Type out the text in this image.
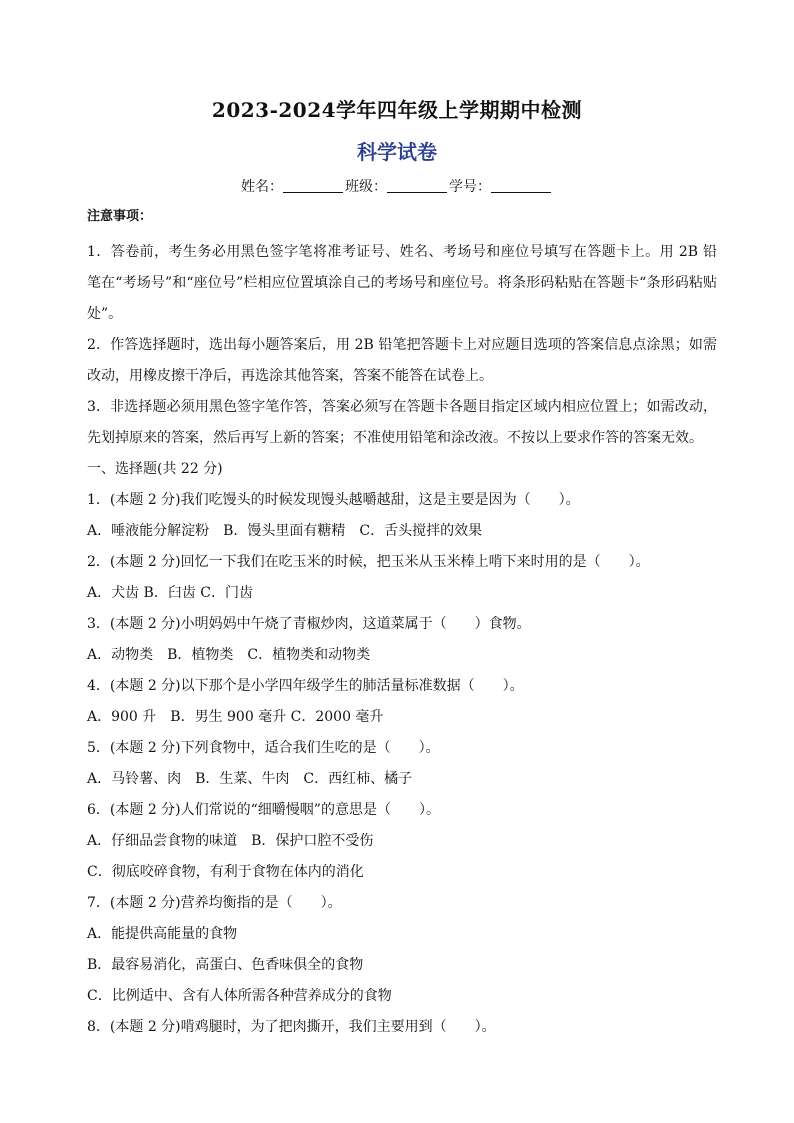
2023-2024学年四年级上学期期中检测
科学试卷
姓名：	班级：	学号：
注意事项：
1．答卷前，考生务必用黑色签字笔将准考证号、姓名、考场号和座位号填写在答题卡上。用 2B 铅
笔在“考场号”和“座位号”栏相应位置填涂自己的考场号和座位号。将条形码粘贴在答题卡“条形码粘贴
处”。
2．作答选择题时，选出每小题答案后，用 2B 铅笔把答题卡上对应题目选项的答案信息点涂黑；如需
改动，用橡皮擦干净后，再选涂其他答案，答案不能答在试卷上。
3．非选择题必须用黑色签字笔作答，答案必须写在答题卡各题目指定区域内相应位置上；如需改动，
先划掉原来的答案，然后再写上新的答案；不准使用铅笔和涂改液。不按以上要求作答的答案无效。
一、选择题(共 22 分)
1．(本题 2 分)我们吃馒头的时候发现馒头越嚼越甜，这是主要是因为（　　）。
A．唾液能分解淀粉　B．馒头里面有糖精　C．舌头搅拌的效果
2．(本题 2 分)回忆一下我们在吃玉米的时候，把玉米从玉米棒上啃下来时用的是（　　）。
A．犬齿 B．臼齿 C．门齿
3．(本题 2 分)小明妈妈中午烧了青椒炒肉，这道菜属于（　　）食物。
A．动物类　B．植物类　C．植物类和动物类
4．(本题 2 分)以下那个是小学四年级学生的肺活量标准数据（　　）。
A．900 升　B．男生 900 毫升 C．2000 毫升
5．(本题 2 分)下列食物中，适合我们生吃的是（　　）。
A．马铃薯、肉　B．生菜、牛肉　C．西红柿、橘子
6．(本题 2 分)人们常说的“细嚼慢咽”的意思是（　　）。
A．仔细品尝食物的味道　B．保护口腔不受伤
C．彻底咬碎食物，有利于食物在体内的消化
7．(本题 2 分)营养均衡指的是（　　）。
A．能提供高能量的食物
B．最容易消化，高蛋白、色香味俱全的食物
C．比例适中、含有人体所需各种营养成分的食物
8．(本题 2 分)啃鸡腿时，为了把肉撕开，我们主要用到（　　）。
